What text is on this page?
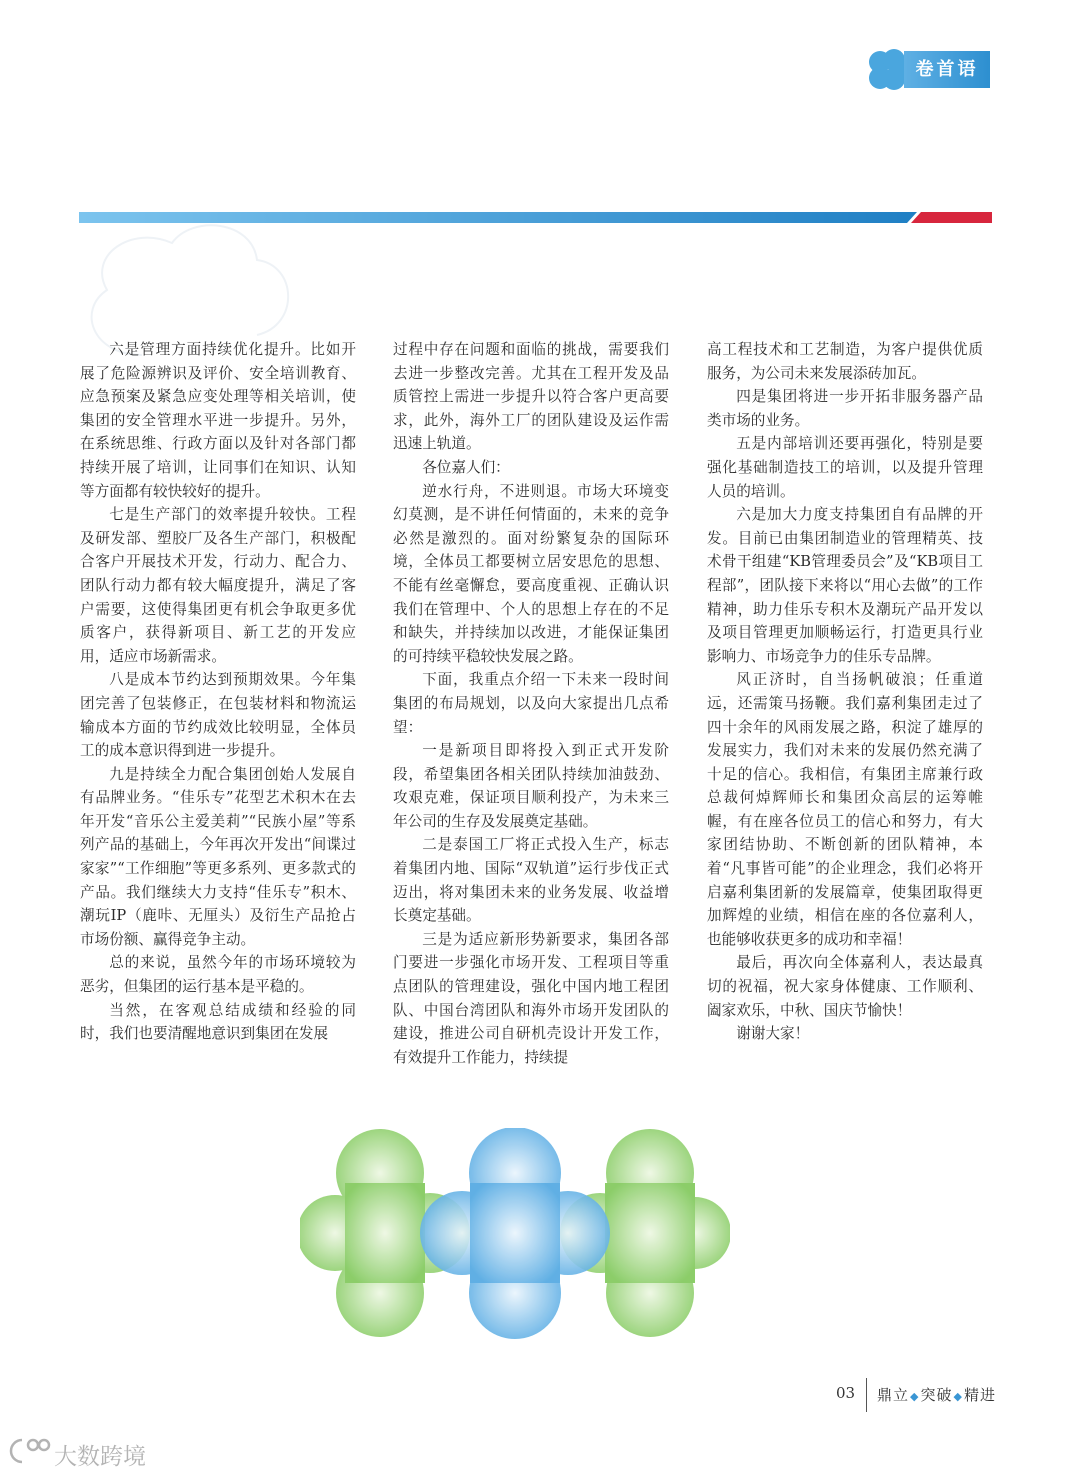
卷首语

六是管理方面持续优化提升。比如开展了危险源辨识及评价、安全培训教育、应急预案及紧急应变处理等相关培训，使集团的安全管理水平进一步提升。另外，在系统思维、行政方面以及针对各部门都持续开展了培训，让同事们在知识、认知等方面都有较快较好的提升。

七是生产部门的效率提升较快。工程及研发部、塑胶厂及各生产部门，积极配合客户开展技术开发，行动力、配合力、团队行动力都有较大幅度提升，满足了客户需要，这使得集团更有机会争取更多优质客户，获得新项目、新工艺的开发应用，适应市场新需求。

八是成本节约达到预期效果。今年集团完善了包装修正，在包装材料和物流运输成本方面的节约成效比较明显，全体员工的成本意识得到进一步提升。

九是持续全力配合集团创始人发展自有品牌业务。“佳乐专”花型艺术积木在去年开发“音乐公主爱美莉”“民族小屋”等系列产品的基础上，今年再次开发出“间谍过家家”“工作细胞”等更多系列、更多款式的产品。我们继续大力支持“佳乐专”积木、潮玩IP（鹿咔、无厘头）及衍生产品抢占市场份额、赢得竞争主动。

总的来说，虽然今年的市场环境较为恶劣，但集团的运行基本是平稳的。

当然，在客观总结成绩和经验的同时，我们也要清醒地意识到集团在发展

过程中存在问题和面临的挑战，需要我们去进一步整改完善。尤其在工程开发及品质管控上需进一步提升以符合客户更高要求，此外，海外工厂的团队建设及运作需迅速上轨道。

各位嘉人们：

逆水行舟，不进则退。市场大环境变幻莫测，是不讲任何情面的，未来的竞争必然是激烈的。面对纷繁复杂的国际环境，全体员工都要树立居安思危的思想、不能有丝毫懈怠，要高度重视、正确认识我们在管理中、个人的思想上存在的不足和缺失，并持续加以改进，才能保证集团的可持续平稳较快发展之路。

下面，我重点介绍一下未来一段时间集团的布局规划，以及向大家提出几点希望：

一是新项目即将投入到正式开发阶段，希望集团各相关团队持续加油鼓劲、攻艰克难，保证项目顺利投产，为未来三年公司的生存及发展奠定基础。

二是泰国工厂将正式投入生产，标志着集团内地、国际“双轨道”运行步伐正式迈出，将对集团未来的业务发展、收益增长奠定基础。

三是为适应新形势新要求，集团各部门要进一步强化市场开发、工程项目等重点团队的管理建设，强化中国内地工程团队、中国台湾团队和海外市场开发团队的建设，推进公司自研机壳设计开发工作，有效提升工作能力，持续提

高工程技术和工艺制造，为客户提供优质服务，为公司未来发展添砖加瓦。

四是集团将进一步开拓非服务器产品类市场的业务。

五是内部培训还要再强化，特别是要强化基础制造技工的培训，以及提升管理人员的培训。

六是加大力度支持集团自有品牌的开发。目前已由集团制造业的管理精英、技术骨干组建“KB管理委员会”及“KB项目工程部”，团队接下来将以“用心去做”的工作精神，助力佳乐专积木及潮玩产品开发以及项目管理更加顺畅运行，打造更具行业影响力、市场竞争力的佳乐专品牌。

风正济时，自当扬帆破浪；任重道远，还需策马扬鞭。我们嘉利集团走过了四十余年的风雨发展之路，积淀了雄厚的发展实力，我们对未来的发展仍然充满了十足的信心。我相信，有集团主席兼行政总裁何焯辉师长和集团众高层的运筹帷幄，有在座各位员工的信心和努力，有大家团结协助、不断创新的团队精神，本着“凡事皆可能”的企业理念，我们必将开启嘉利集团新的发展篇章，使集团取得更加辉煌的业绩，相信在座的各位嘉利人，也能够收获更多的成功和幸福！

最后，再次向全体嘉利人，表达最真切的祝福，祝大家身体健康、工作顺利、阖家欢乐，中秋、国庆节愉快！

谢谢大家！

03 鼎立◆突破◆精进
大数跨境
